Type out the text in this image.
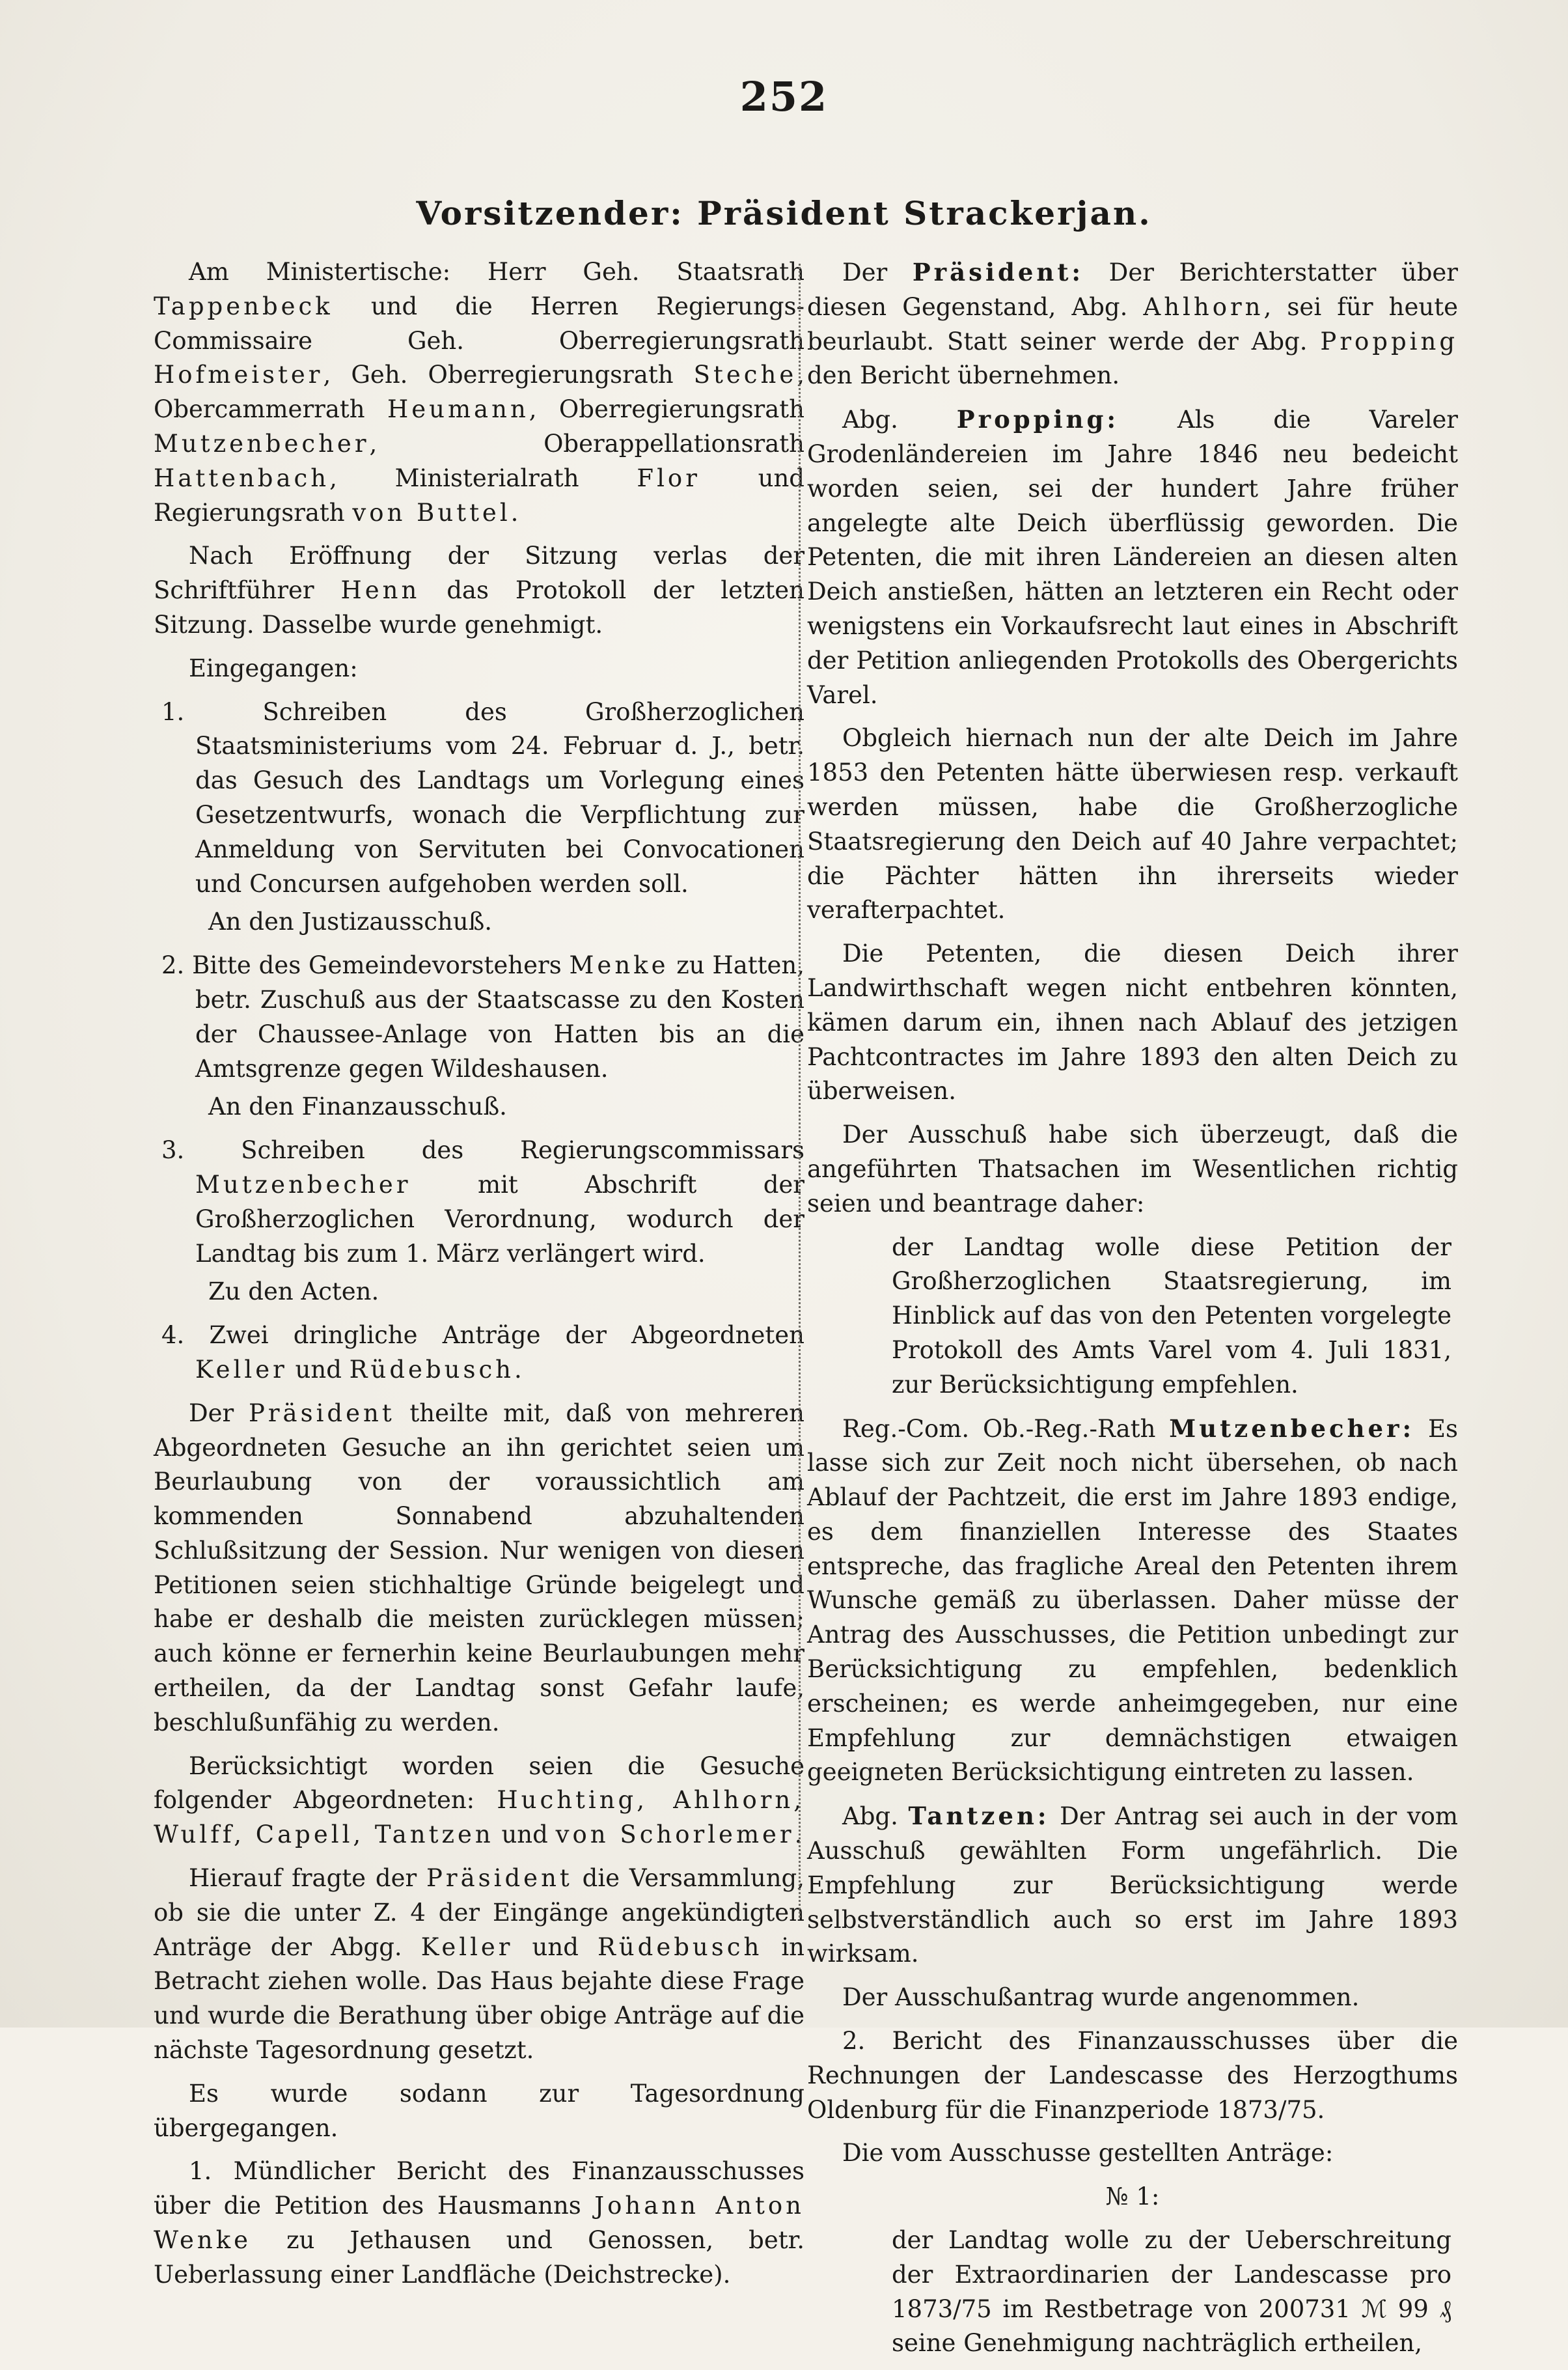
252
Vorsitzender: Präsident Strackerjan.

Am Ministertische: Herr Geh. Staatsrath Tappenbeck und die Herren Regierungs-Commissaire Geh. Oberregierungsrath Hofmeister, Geh. Oberregierungsrath Steche, Obercammerrath Heumann, Oberregierungsrath Mutzenbecher, Oberappellationsrath Hattenbach, Ministerialrath Flor und Regierungsrath von Buttel.

Nach Eröffnung der Sitzung verlas der Schriftführer Henn das Protokoll der letzten Sitzung. Dasselbe wurde genehmigt.

Eingegangen:

1.	Schreiben des Großherzoglichen Staatsministeriums vom 24. Februar d. J., betr. das Gesuch des Landtags um Vorlegung eines Gesetzentwurfs, wonach die Verpflichtung zur Anmeldung von Servituten bei Convocationen und Concursen aufgehoben werden soll.

An den Justizausschuß.

2. Bitte des Gemeindevorstehers Menke zu Hatten, betr. Zuschuß aus der Staatscasse zu den Kosten der Chaussee-Anlage von Hatten bis an die Amtsgrenze gegen Wildeshausen.

An den Finanzausschuß.

3. Schreiben des Regierungscommissars Mutzenbecher mit Abschrift der Großherzoglichen Verordnung, wodurch der Landtag bis zum 1. März verlängert wird.

Zu den Acten.

4. Zwei dringliche Anträge der Abgeordneten Keller und Rüdebusch.

Der Präsident theilte mit, daß von mehreren Abgeordneten Gesuche an ihn gerichtet seien um Beurlaubung von der voraussichtlich am kommenden Sonnabend abzuhaltenden Schlußsitzung der Session. Nur wenigen von diesen Petitionen seien stichhaltige Gründe beigelegt und habe er deshalb die meisten zurücklegen müssen; auch könne er fernerhin keine Beurlaubungen mehr ertheilen, da der Landtag sonst Gefahr laufe, beschlußunfähig zu werden.

Berücksichtigt worden seien die Gesuche folgender Abgeordneten: Huchting, Ahlhorn, Wulff, Capell, Tantzen und von Schorlemer.

Hierauf fragte der Präsident die Versammlung, ob sie die unter Z. 4 der Eingänge angekündigten Anträge der Abgg. Keller und Rüdebusch in Betracht ziehen wolle. Das Haus bejahte diese Frage und wurde die Berathung über obige Anträge auf die nächste Tagesordnung gesetzt.

Es wurde sodann zur Tagesordnung übergegangen.

1. Mündlicher Bericht des Finanzausschusses über die Petition des Hausmanns Johann Anton Wenke zu Jethausen und Genossen, betr. Ueberlassung einer Landfläche (Deichstrecke).

Der Präsident: Der Berichterstatter über diesen Gegenstand, Abg. Ahlhorn, sei für heute beurlaubt. Statt seiner werde der Abg. Propping den Bericht übernehmen.

Abg. Propping: Als die Vareler Grodenländereien im Jahre 1846 neu bedeicht worden seien, sei der hundert Jahre früher angelegte alte Deich überflüssig geworden. Die Petenten, die mit ihren Ländereien an diesen alten Deich anstießen, hätten an letzteren ein Recht oder wenigstens ein Vorkaufsrecht laut eines in Abschrift der Petition anliegenden Protokolls des Obergerichts Varel.

Obgleich hiernach nun der alte Deich im Jahre 1853 den Petenten hätte überwiesen resp. verkauft werden müssen, habe die Großherzogliche Staatsregierung den Deich auf 40 Jahre verpachtet; die Pächter hätten ihn ihrerseits wieder verafterpachtet.

Die Petenten, die diesen Deich ihrer Landwirthschaft wegen nicht entbehren könnten, kämen darum ein, ihnen nach Ablauf des jetzigen Pachtcontractes im Jahre 1893 den alten Deich zu überweisen.

Der Ausschuß habe sich überzeugt, daß die angeführten Thatsachen im Wesentlichen richtig seien und beantrage daher:

der Landtag wolle diese Petition der Großherzoglichen Staatsregierung, im Hinblick auf das von den Petenten vorgelegte Protokoll des Amts Varel vom 4. Juli 1831, zur Berücksichtigung empfehlen.

Reg.-Com. Ob.-Reg.-Rath Mutzenbecher: Es lasse sich zur Zeit noch nicht übersehen, ob nach Ablauf der Pachtzeit, die erst im Jahre 1893 endige, es dem finanziellen Interesse des Staates entspreche, das fragliche Areal den Petenten ihrem Wunsche gemäß zu überlassen. Daher müsse der Antrag des Ausschusses, die Petition unbedingt zur Berücksichtigung zu empfehlen, bedenklich erscheinen; es werde anheimgegeben, nur eine Empfehlung zur demnächstigen etwaigen geeigneten Berücksichtigung eintreten zu lassen.

Abg. Tantzen: Der Antrag sei auch in der vom Ausschuß gewählten Form ungefährlich. Die Empfehlung zur Berücksichtigung werde selbstverständlich auch so erst im Jahre 1893 wirksam.

Der Ausschußantrag wurde angenommen.

2. Bericht des Finanzausschusses über die Rechnungen der Landescasse des Herzogthums Oldenburg für die Finanzperiode 1873/75.

Die vom Ausschusse gestellten Anträge:

№ 1:

der Landtag wolle zu der Ueberschreitung der Extraordinarien der Landescasse pro 1873/75 im Restbetrage von 200731 ℳ 99 ₰ seine Genehmigung nachträglich ertheilen,
